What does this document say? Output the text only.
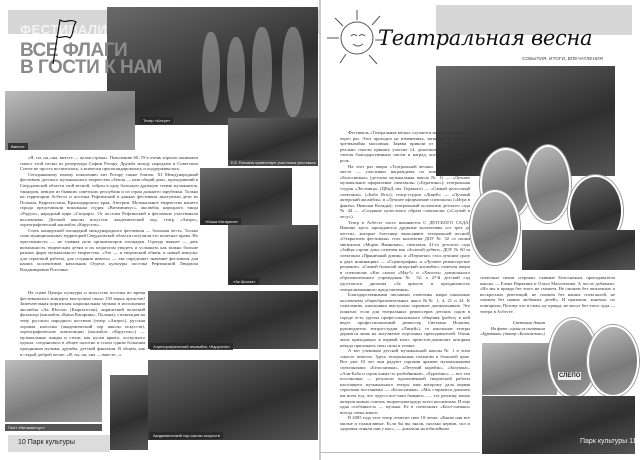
ФЕСТИВАЛИ
ВСЕ ФЛАГИ
В ГОСТИ К НАМ
Театр «Антре»
Вместе
Е.В. Рогозина приветствует участников фестиваля
«Каша Катарина»
«Ак Шоола»
Хореографический ансамбль «Карусель»
Поет «Витаминчус»
Академический хор школы искусств
10 Парк культуры

«Я, ты, он, она, вместе — целая страна». Поколению 60–70-х очень хорошо понимаем смысл этой песни из репертуара Софии Ротару. Дружба между народами в Советском Союзе не просто воспиталась, а всячески пропагандировалась и поддерживалась.

Сегодняшнему юному поколению хит Ротару также близок. XI Международный фестиваль детского музыкального творчества «Земля — наш общий дом», проходивший в Свердловской области этой весной, собрал в одну большую дружную семью музыкантов, танцоров, певцов из бывших советских республик и из стран дальнего зарубежья. Только на территории Асбеста и поселка Рефтинский в рамках фестиваля выступили дети из Польши, Кыргызстана, Краснодарского края, Австрии. Музыкальное творчество нашего города представляли вокальная студия «Витаминчус», ансамбль народного танца «Радуга», народный цирк «Спорарт». От поселка Рефтинский в фестивале участвовали коллективы Детской школы искусств: академический хор, театр «Антре», хореографический ансамбль «Карусель».

Стать концертной площадкой международного фестиваля — большая честь. Только семь муниципальных территорий Свердловской области получили это почетное право. Но престижность — не главная цель организаторов площадки. Гораздо важнее — дать возможность творческим детям и их педагогам увидеть и услышать как можно больше разных форм музыкального творчества. «Это — и творческий обмен, и новый импульс для серьезной работы, для создания нового» — так определяет значение фестиваля для наших коллективов начальник Отдела культуры поселка Рефтинский Людмила Владимировна Рогозина.

На сцене Центра культуры и искусства поселка во время фестивального концерта выступили около 150 юных артистов! Замечательная киргизская национальная музыка в исполнении ансамбля «Ак Шоола» (Кыргызстан), лирический польский фольклор (ансамбль «Каша Катарина», Польша), стилизация на тему русского народного костюма (театр «Антре»), русская хоровая классика (академический хор школы искусств), хореографические композиции (ансамбль «Карусель») — музыкальные жанры и стили, как куски яркого, лоскутного одеяла, соединились в общее полотно и стали одним большим праздником музыки, дружбы, детской фантазии. В общем, как в старой доброй песне: «Я, ты, он, она — вместе...».

Театральная весна
СОБЫТИЯ, ИТОГИ, ВПЕЧАТЛЕНИЯ

Фестиваль «Театральная весна» случается не каждую весну, а через раз. Этот проходил на изменениях, заткнули. И оказался чрезвычайно массовым. Заявки пришли от 17 коллективов, реально смогли принять участие 14, дипломов вручено 11, не считая благодарственных писем и наград, которые за лучшую роль.

На этот раз жюри «Театральной весны» не распределило места — участники награждены по номинациям: театр «Белоснежка» (детская музыкальная школа № 1) — «Лучшее музыкальное оформление спектакля» («Буратино»); театральная студия «Лестница» (ЦКиД им. Горького) — «Самый целостный спектакль» («Баба Яга»); театр-студия «Лицей» — «Лучший актерский ансамбль» и «Лучшее оформление спектакля» («Игра в фанты» Николая Коляды); театральный коллектив детского сада № 44 — «Создание целостного образа спектакля» («Случай в лесу»).

Театр в Асбесте часто начинается С ДЕТСКОГО САДА! Именно здесь зарождаются дружные коллективы «от трех до шести», которые блестяще выполняют театральной весной. «Открытием фестиваля» стал коллектив ДОУ № 32 со своим мюзиклом «Морок Иванович», спектакль 41-го детского сада «Зайцы строят дом» отмечен как «Золотой дебют», ДОУ № 60 за спектакли «Пряничный домик» и «Перчатки» стал лучшим сразу в двух номинациях — «Сценография» и «Лучшее режиссерское решение». «Самый большой актерский ансамбль» отмечен жюри в спектаклях «Кто сказал «Мяу?» и «Хвосты» дошкольного образовательного учреждения № 52, а 27-й детский сад удостоился диплома «За яркость и праздничность театрализованного представления».

Благодарственными письмами отмечены жюри школьные коллективы общеобразовательных школ №№ 1, 4, 21 и 24. К сожалению, школьники выступали скромнее дошкольников. Это понятно: если для театральных режиссеров детских садов в городе есть группа профессионального общения (работу в ней ведет профессиональный режиссер Светлана Исакова, руководитель театра-студии «Лицей»), то школьные театры держатся лишь на энтузиазме отдельных преподавателей. Очень жаль приходящих в первый класс артистов-дошколят, которым некуда приложить свои силы и талант.

А вот ученикам детской музыкальной школы № 1 в этом смысле повезло. Здесь театральным талантам в большой цене. Вот уже 10 лет они радуют горожан яркими музыкальными спектаклями: «Белоснежка», «Летучий корабль», «Золушка», «Али-Баба и сорок каких-то разбойников», «Буратино» — все эти постановки — результат вдохновенной творческой работы настоящего музыкального театра, имя которому дала первая серьезная постановка — «Белоснежка». «Мы стараемся доказать им всем год, что чудеса все-таки бывают», — эту реплику юных актеров можно считать творческим кредо всего коллектива. И еще одна особенность — музыка. Ее в спектаклях «Бело-снежки» всегда очень много.

В 2005 году этот театр отметил свое 10-летие. «Какие они все милые и талантливые. Если бы вы знали, сколько нервов, сил и здоровья отняли они у нас», — доказали на юбилейном

спектакле своим «героям» славные Белоснежки, преподаватели школы — Елена Варакина и Ольга Малоземова. А после добавили: «Но мы и правда без этого не сможем. Не сможем без пятиочных и воскресных репетиций, не сможем без наших спектаклей, не сможем без наших любимых детей». И признали, конечно, их повторили. Потому что и сами, ну правда, не могут без этого чуда — театра в Асбесте.

СЛЕПО
Светлана Ачина
На фото: сцены из спектакля «Буратино» (театр «Белоснежка»)
Парк культуры 11
